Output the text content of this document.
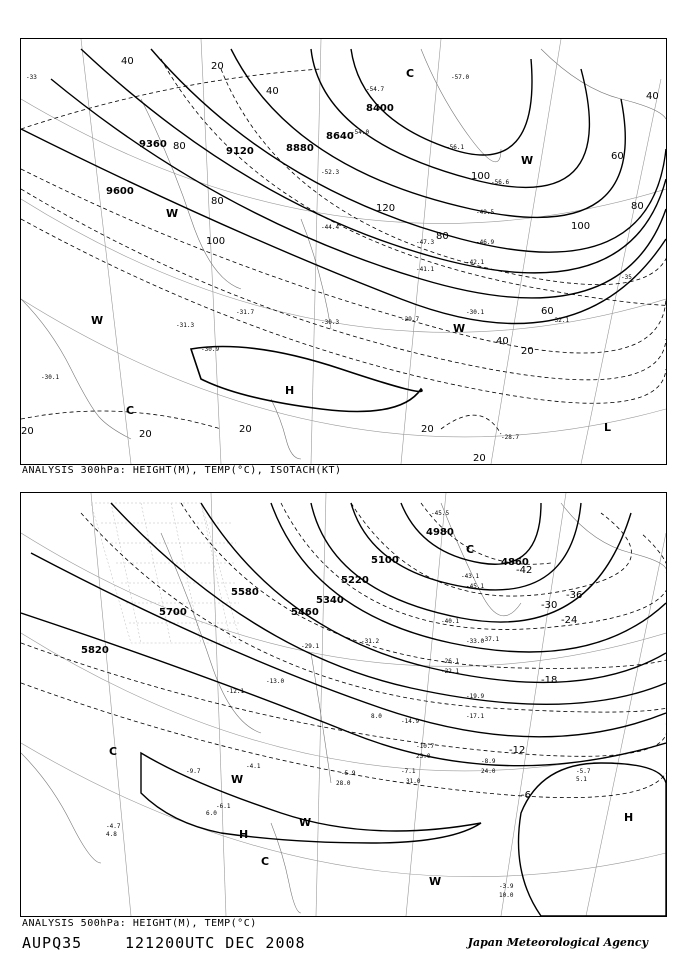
9600
9360
9120	8880
8640
8400
40	20
40
80
80
100
120
100
80
60
40
20
60
80
100
40
20	20	20	20
20
-30.9
-31.3
-31.7
-30.3	-29.7
-30.1
-32.1
-28.7
-30.1
-33
-35
-41.1
-42.1
-44.4
-47.3
-49.5
-46.9
-52.3
-54.0
-56.1
-54.7
-56.6
-57.0
H
L
C
C
W
W
W
W
ANALYSIS 300hPa: HEIGHT(M), TEMP(°C), ISOTACH(KT)
5820
5700
5580
5460
5340
5220
5100
4980
4860
-6
-12
-18
-24
-30
-36
-42
-4.7
-6.1
-9.7
-4.1
-5.9	-7.1
-10.7
-8.9
-5.7
-3.9
-12.1
-13.0
-14.9
-17.1
-19.9
-22.1
-26.1
-29.1
-31.2	-33.0
-37.1
-40.1
-43.1
-45.1
-45.5
4.8
6.0
8.0
23.0
28.0	31.0
24.0
10.0
5.1
H
H
C
C
C
W
W
W
ANALYSIS 500hPa: HEIGHT(M), TEMP(°C)
AUPQ35	121200UTC DEC 2008	Japan Meteorological Agency
